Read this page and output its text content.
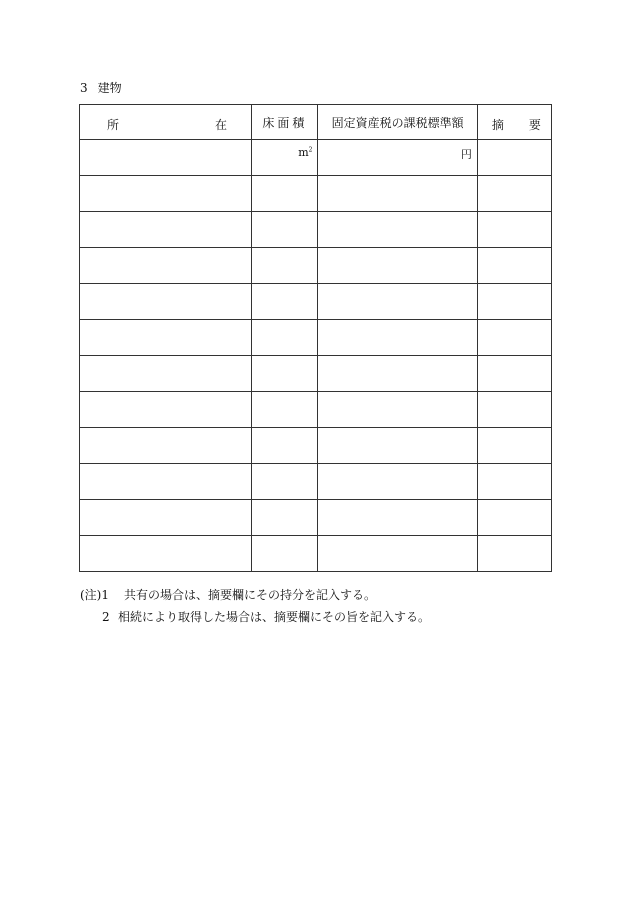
3 建物
所 在	床面積	固定資産税の課税標準額	摘 要

	$m^2$	円	

(注)1	共有の場合は、摘要欄にその持分を記入する。
2 相続により取得した場合は、摘要欄にその旨を記入する。
